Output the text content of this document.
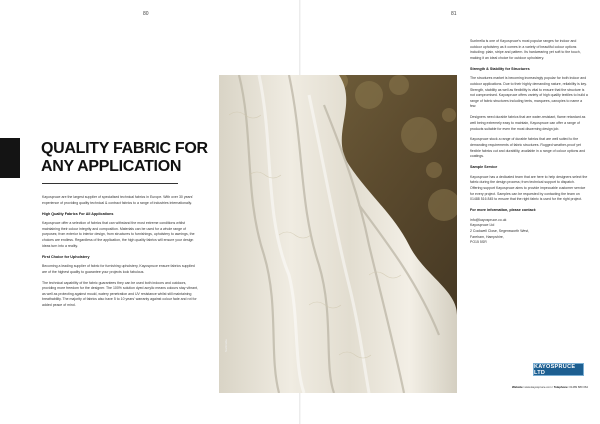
80	81
QUALITY FABRIC FOR ANY APPLICATION

Kayospruce are the largest supplier of specialised technical fabrics in Europe. With over 30 years' experience of providing quality technical & contract fabrics to a range of industries internationally.

High Quality Fabrics For All Applications

Kayospruce offer a selection of fabrics that can withstand the most extreme conditions whilst maintaining their colour integrity and composition. Materials can be used for a whole range of purposes; from exterior to interior design, from structures to furnishings, upholstery to awnings, the choices are endless. Regardless of the application, the high quality fabrics will ensure your design ideas turn into a reality.

First Choice for Upholstery

Becoming a leading supplier of fabric for furnishing upholstery, Kayospruce ensure fabrics supplied are of the highest quality to guarantee your projects look fabulous.

The technical capability of the fabric guarantees they can be used both indoors and outdoors, providing more freedom for the designer. The 100% solution dyed acrylic means colours stay vibrant, as well as protecting against mould, watery penetration and UV resistance whilst still maintaining breathability. The majority of fabrics also have 5 to 10 years' warranty against colour fade and rot for added peace of mind.

Sunbrella

Sunbrella is one of Kayospruce's most popular ranges for indoor and outdoor upholstery as it comes in a variety of beautiful colour options including: plain, stripe and pattern. Its hardwearing yet soft to the touch, making it an ideal choice for outdoor upholstery.

Strength & Stability for Structures

The structures market is becoming increasingly popular for both indoor and outdoor applications. Due to their highly demanding nature, reliability is key. Strength, stability as well as flexibility is vital to ensure that the structure is not compromised. Kayospruce offers variety of high quality textiles to build a range of fabric structures including tents, marquees, canopies to name a few.

Designers need durable fabrics that are water-resistant, flame retardant as well being extremely easy to maintain, Kayospruce can offer a range of products suitable for even the most discerning design job.

Kayospruce stock a range of durable fabrics that are well suited to the demanding requirements of fabric structures. Rugged weather-proof yet flexible fabrics cut and durability, available in a range of colour options and coatings.

Sample Service

Kayospruce has a dedicated team that are here to help designers select the fabric during the design process; from technical support to dispatch. Offering support Kayospruce aims to provide impeccable customer service for every project. Samples can be requested by contacting the team on 01488 516 845 to ensure that the right fabric is used for the right project.

For more information, please contact:

info@kayospruce.co.uk

Kayospruce Ltd

2 Cockwell Close, Segensworth West,

Fareham, Hampshire,

PO15 5SR

KAYOSPRUCE LTD
Website: www.kayospruce.com / Telephone: 01489 880 064
